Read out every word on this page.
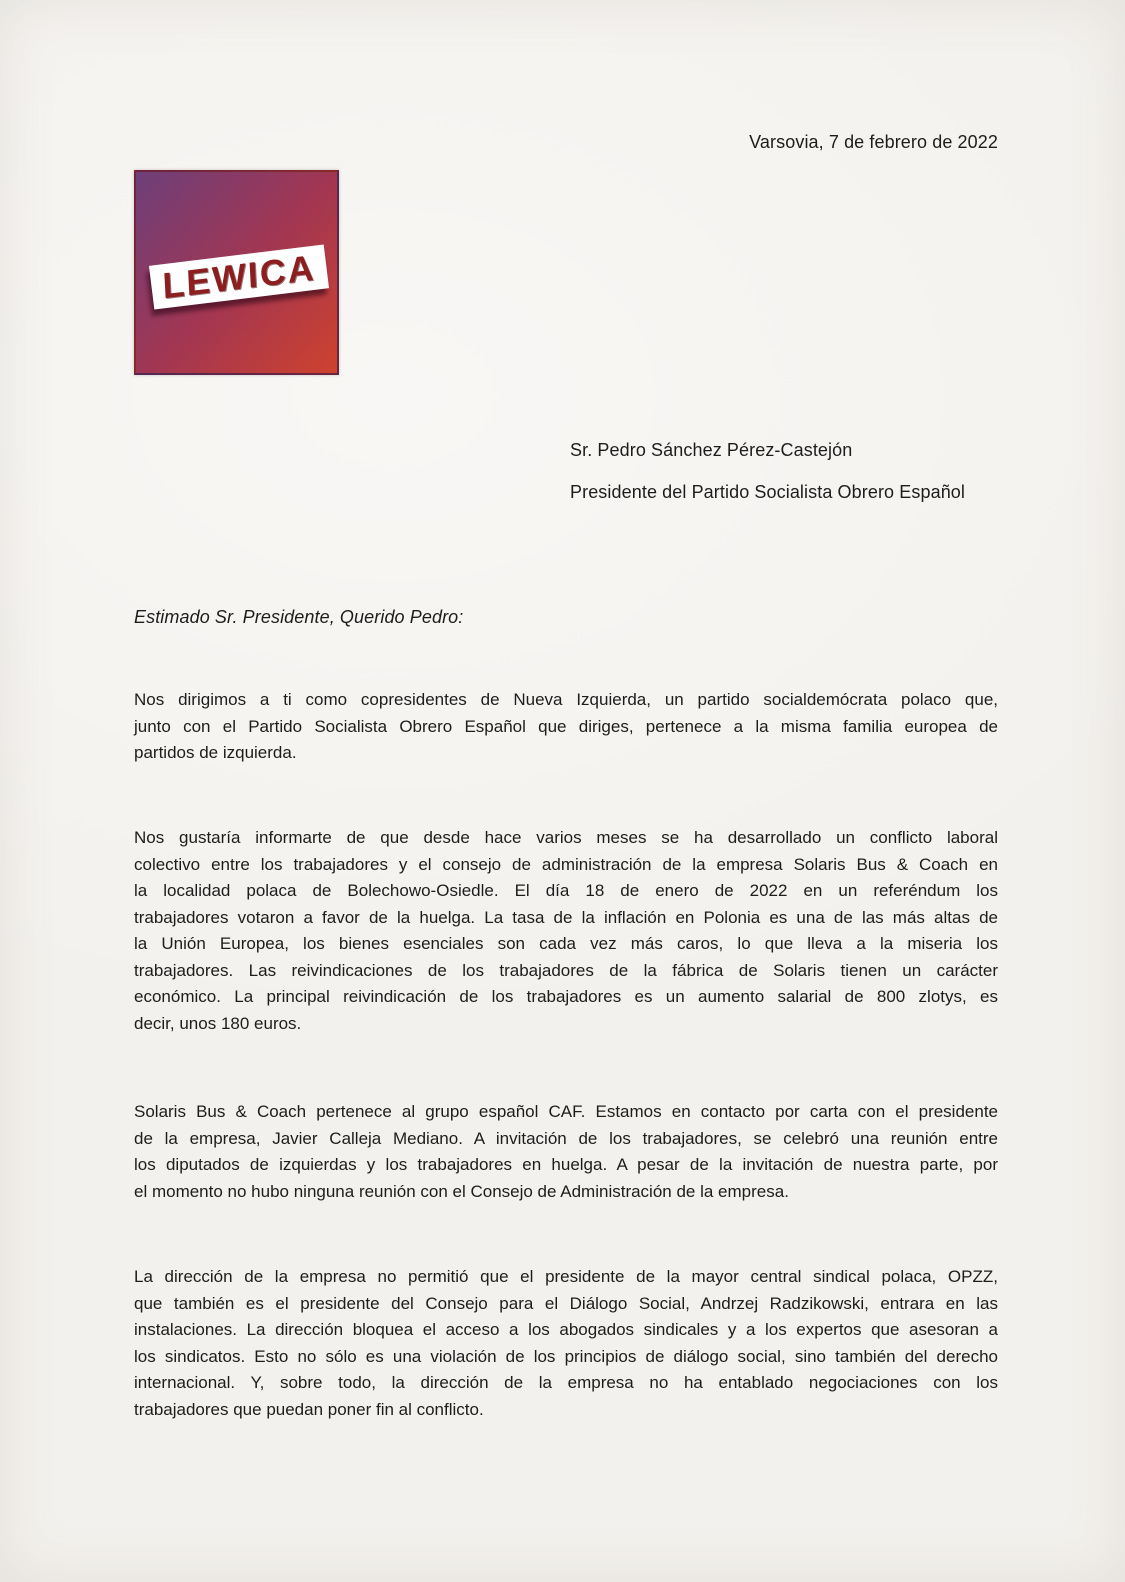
Varsovia, 7 de febrero de 2022
LEWICA
Sr. Pedro Sánchez Pérez-Castejón
Presidente del Partido Socialista Obrero Español
Estimado Sr. Presidente, Querido Pedro:
Nos dirigimos a ti como copresidentes de Nueva Izquierda, un partido socialdemócrata polaco que,
junto con el Partido Socialista Obrero Español que diriges, pertenece a la misma familia europea de
partidos de izquierda.
Nos gustaría informarte de que desde hace varios meses se ha desarrollado un conflicto laboral
colectivo entre los trabajadores y el consejo de administración de la empresa Solaris Bus & Coach en
la localidad polaca de Bolechowo-Osiedle. El día 18 de enero de 2022 en un referéndum los
trabajadores votaron a favor de la huelga. La tasa de la inflación en Polonia es una de las más altas de
la Unión Europea, los bienes esenciales son cada vez más caros, lo que lleva a la miseria los
trabajadores. Las reivindicaciones de los trabajadores de la fábrica de Solaris tienen un carácter
económico. La principal reivindicación de los trabajadores es un aumento salarial de 800 zlotys, es
decir, unos 180 euros.
Solaris Bus & Coach pertenece al grupo español CAF. Estamos en contacto por carta con el presidente
de la empresa, Javier Calleja Mediano. A invitación de los trabajadores, se celebró una reunión entre
los diputados de izquierdas y los trabajadores en huelga. A pesar de la invitación de nuestra parte, por
el momento no hubo ninguna reunión con el Consejo de Administración de la empresa.
La dirección de la empresa no permitió que el presidente de la mayor central sindical polaca, OPZZ,
que también es el presidente del Consejo para el Diálogo Social, Andrzej Radzikowski, entrara en las
instalaciones. La dirección bloquea el acceso a los abogados sindicales y a los expertos que asesoran a
los sindicatos. Esto no sólo es una violación de los principios de diálogo social, sino también del derecho
internacional. Y, sobre todo, la dirección de la empresa no ha entablado negociaciones con los
trabajadores que puedan poner fin al conflicto.
